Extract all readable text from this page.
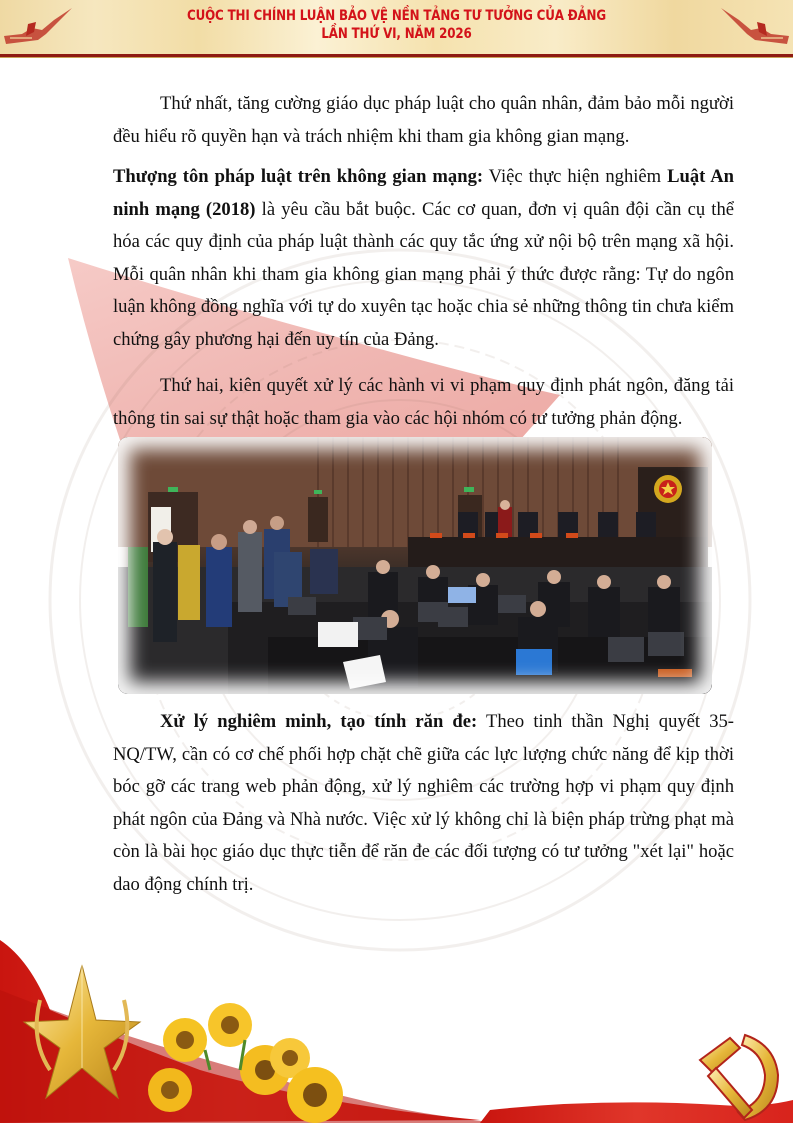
CUỘC THI CHÍNH LUẬN BẢO VỆ NỀN TẢNG TƯ TƯỞNG CỦA ĐẢNG
LẦN THỨ VI, NĂM 2026

Thứ nhất, tăng cường giáo dục pháp luật cho quân nhân, đảm bảo mỗi người đều hiểu rõ quyền hạn và trách nhiệm khi tham gia không gian mạng.

Thượng tôn pháp luật trên không gian mạng: Việc thực hiện nghiêm Luật An ninh mạng (2018) là yêu cầu bắt buộc. Các cơ quan, đơn vị quân đội cần cụ thể hóa các quy định của pháp luật thành các quy tắc ứng xử nội bộ trên mạng xã hội. Mỗi quân nhân khi tham gia không gian mạng phải ý thức được rằng: Tự do ngôn luận không đồng nghĩa với tự do xuyên tạc hoặc chia sẻ những thông tin chưa kiểm chứng gây phương hại đến uy tín của Đảng.

Thứ hai, kiên quyết xử lý các hành vi vi phạm quy định phát ngôn, đăng tải thông tin sai sự thật hoặc tham gia vào các hội nhóm có tư tưởng phản động.

Xử lý nghiêm minh, tạo tính răn đe: Theo tinh thần Nghị quyết 35-NQ/TW, cần có cơ chế phối hợp chặt chẽ giữa các lực lượng chức năng để kịp thời bóc gỡ các trang web phản động, xử lý nghiêm các trường hợp vi phạm quy định phát ngôn của Đảng và Nhà nước. Việc xử lý không chỉ là biện pháp trừng phạt mà còn là bài học giáo dục thực tiễn để răn đe các đối tượng có tư tưởng "xét lại" hoặc dao động chính trị.
